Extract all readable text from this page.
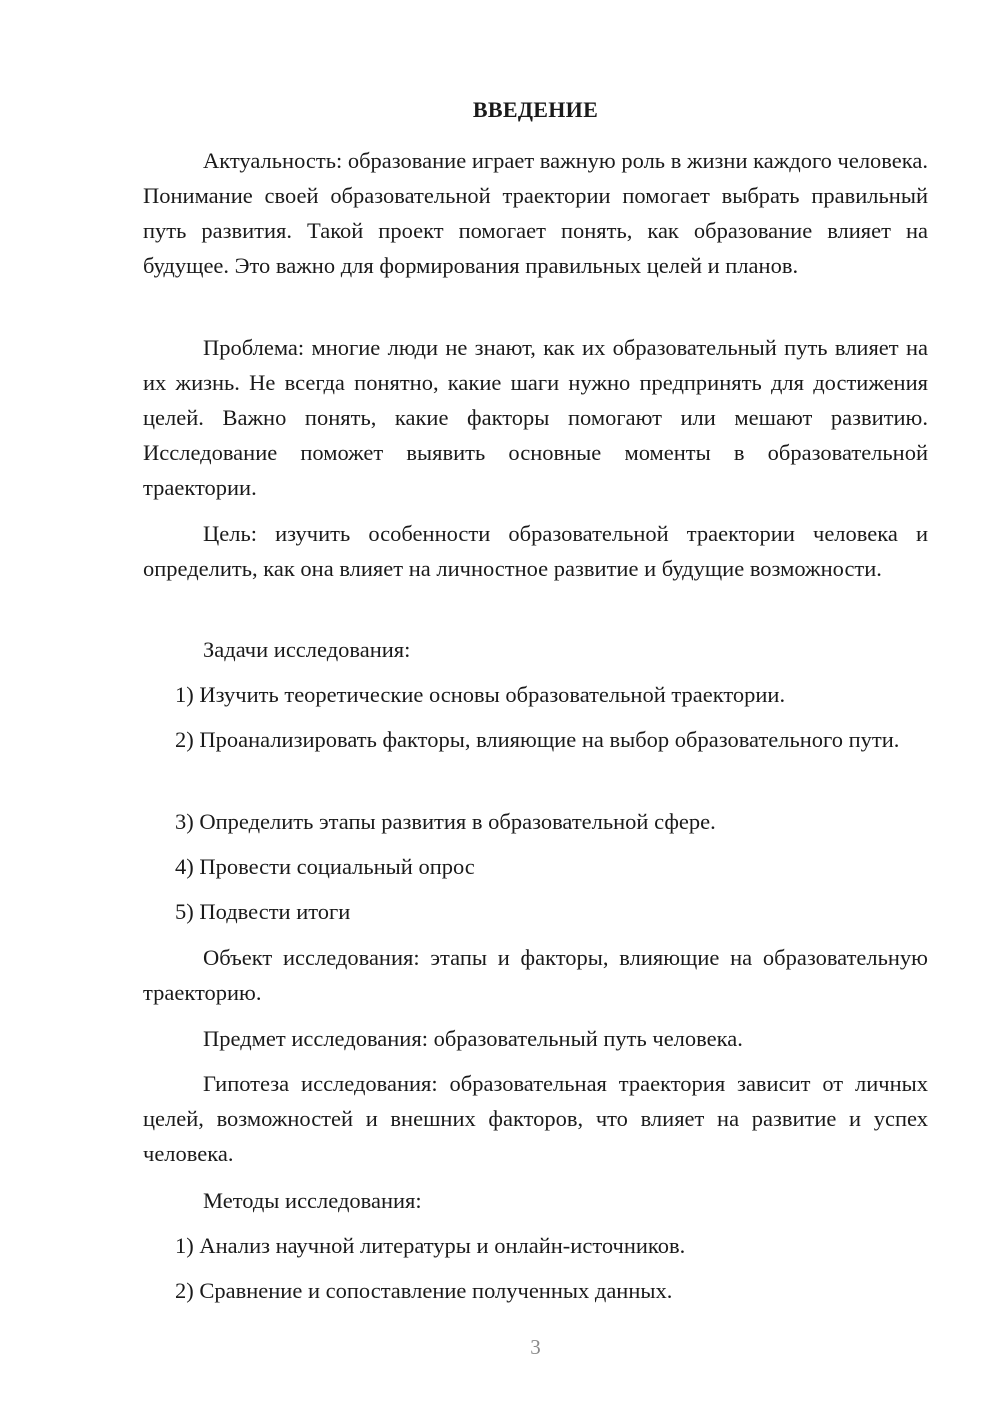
ВВЕДЕНИЕ

Актуальность: образование играет важную роль в жизни каждого человека. Понимание своей образовательной траектории помогает выбрать правильный путь развития. Такой проект помогает понять, как образование влияет на будущее. Это важно для формирования правильных целей и планов.

Проблема: многие люди не знают, как их образовательный путь влияет на их жизнь. Не всегда понятно, какие шаги нужно предпринять для достижения целей. Важно понять, какие факторы помогают или мешают развитию. Исследование поможет выявить основные моменты в образовательной траектории.

Цель: изучить особенности образовательной траектории человека и определить, как она влияет на личностное развитие и будущие возможности.

Задачи исследования:

1) Изучить теоретические основы образовательной траектории.

2) Проанализировать факторы, влияющие на выбор образовательного пути.

3) Определить этапы развития в образовательной сфере.

4) Провести социальный опрос

5) Подвести итоги

Объект исследования: этапы и факторы, влияющие на образовательную траекторию.

Предмет исследования: образовательный путь человека.

Гипотеза исследования: образовательная траектория зависит от личных целей, возможностей и внешних факторов, что влияет на развитие и успех человека.

Методы исследования:

1) Анализ научной литературы и онлайн-источников.

2) Сравнение и сопоставление полученных данных.

3
